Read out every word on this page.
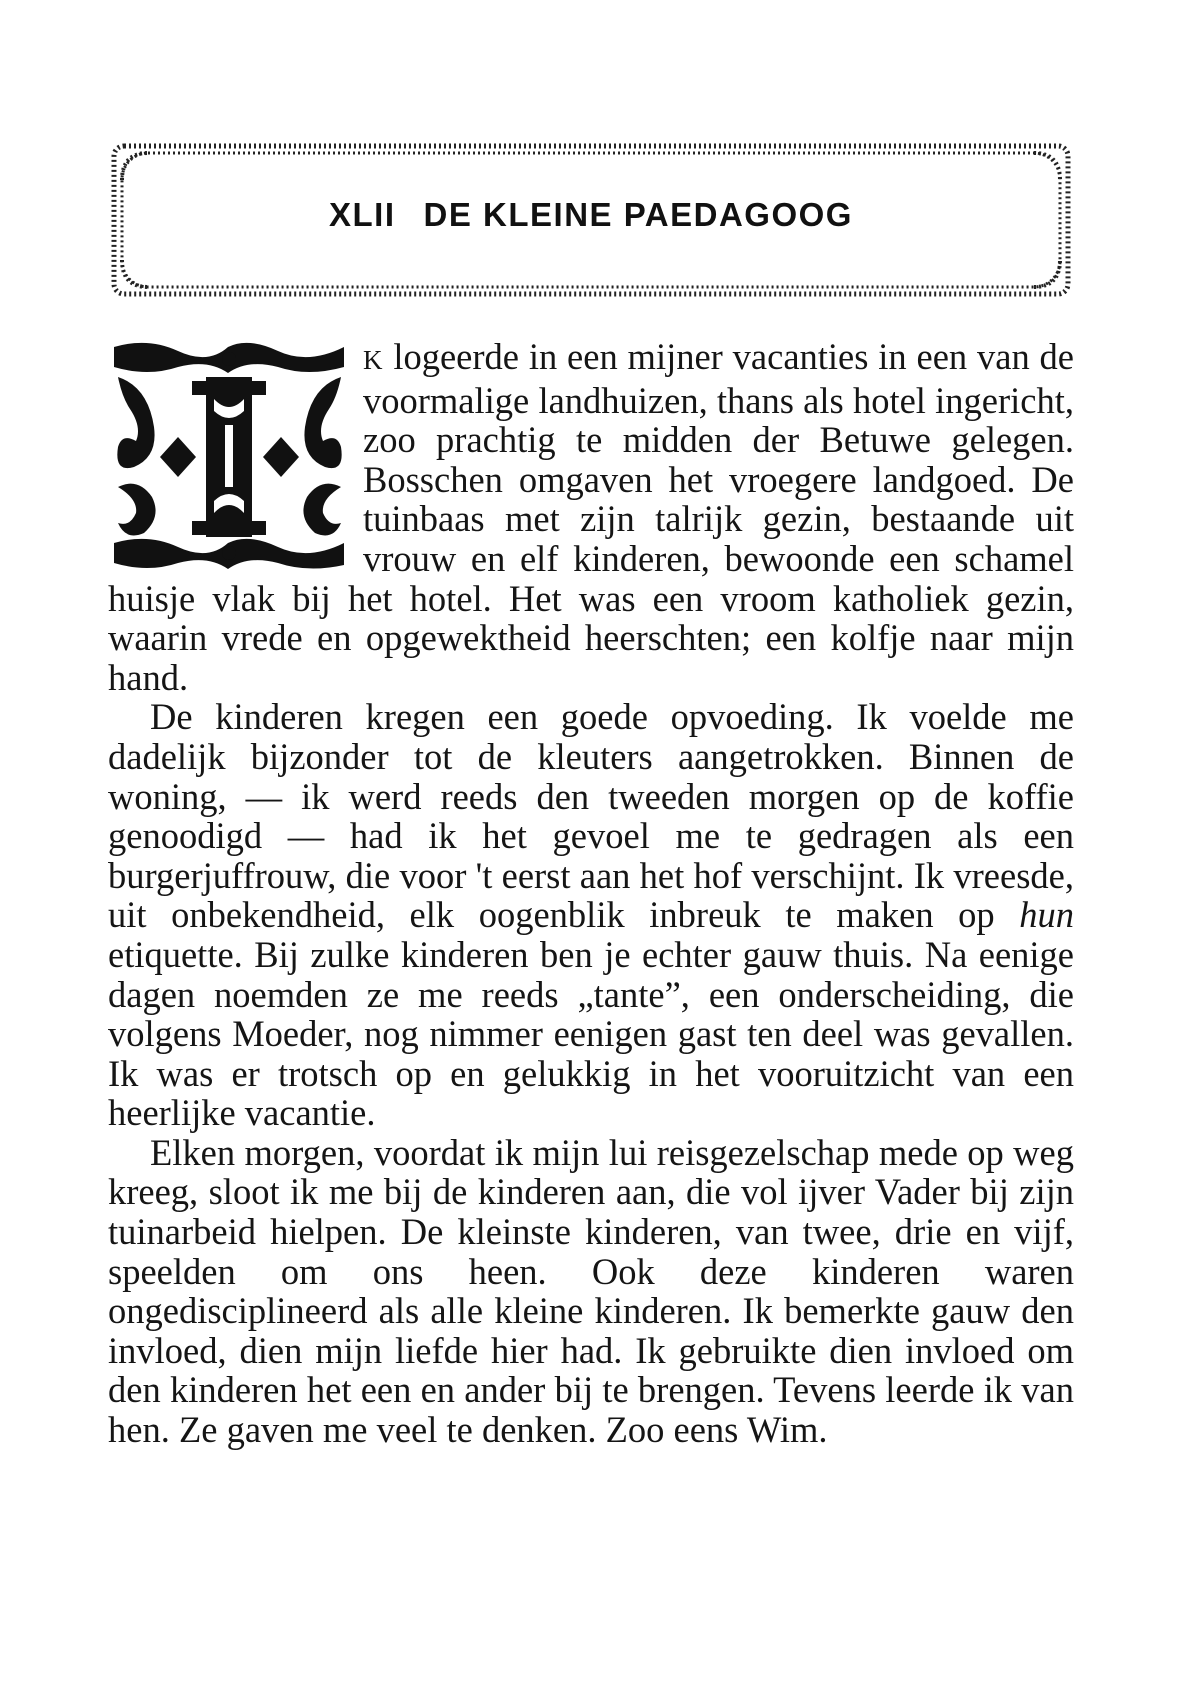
XLII DE KLEINE PAEDAGOOG

K logeerde in een mijner vacanties in een van de voormalige landhuizen, thans als hotel ingericht, zoo prachtig te midden der Betuwe gelegen. Bosschen omgaven het vroegere landgoed. De tuinbaas met zijn talrijk gezin, bestaande uit vrouw en elf kinderen, bewoonde een schamel huisje vlak bij het hotel. Het was een vroom katholiek gezin, waarin vrede en opgewektheid heerschten; een kolfje naar mijn hand.

De kinderen kregen een goede opvoeding. Ik voelde me dadelijk bijzonder tot de kleuters aangetrokken. Binnen de woning, — ik werd reeds den tweeden morgen op de koffie genoodigd — had ik het gevoel me te gedragen als een burgerjuffrouw, die voor 't eerst aan het hof verschijnt. Ik vreesde, uit onbekendheid, elk oogenblik inbreuk te maken op hun etiquette. Bij zulke kinderen ben je echter gauw thuis. Na eenige dagen noemden ze me reeds „tante”, een onderscheiding, die volgens Moeder, nog nimmer eenigen gast ten deel was gevallen. Ik was er trotsch op en gelukkig in het vooruitzicht van een heerlijke vacantie.

Elken morgen, voordat ik mijn lui reisgezelschap mede op weg kreeg, sloot ik me bij de kinderen aan, die vol ijver Vader bij zijn tuinarbeid hielpen. De kleinste kinderen, van twee, drie en vijf, speelden om ons heen. Ook deze kinderen waren ongedisciplineerd als alle kleine kinderen. Ik bemerkte gauw den invloed, dien mijn liefde hier had. Ik gebruikte dien invloed om den kinderen het een en ander bij te brengen. Tevens leerde ik van hen. Ze gaven me veel te denken. Zoo eens Wim.
